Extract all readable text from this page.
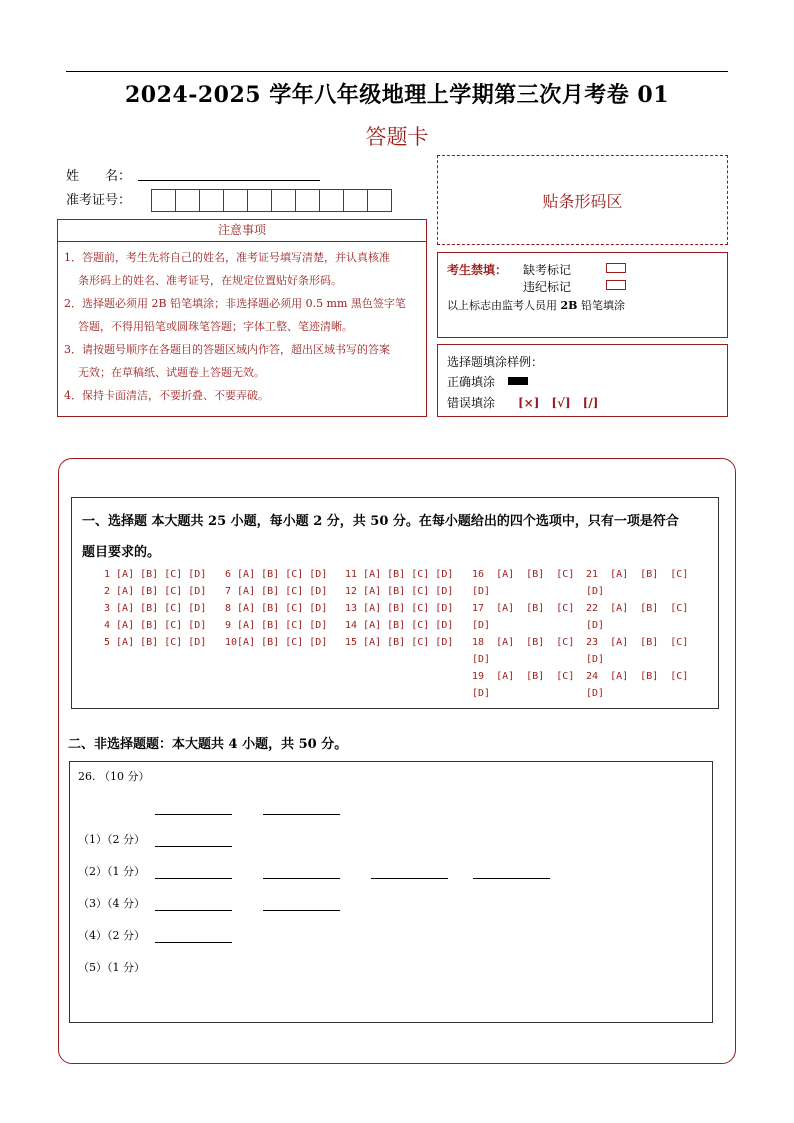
2024-2025 学年八年级地理上学期第三次月考卷 01
答题卡
姓　　名：
准考证号：	贴条形码区
注意事项

1．答题前，考生先将自己的姓名，准考证号填写清楚，并认真核准

条形码上的姓名、准考证号，在规定位置贴好条形码。

2．选择题必须用 2B 铅笔填涂；非选择题必须用 0.5 mm 黑色签字笔

答题，不得用铅笔或圆珠笔答题；字体工整、笔迹清晰。

3．请按题号顺序在各题目的答题区域内作答，超出区域书写的答案

无效；在草稿纸、试题卷上答题无效。

4．保持卡面清洁，不要折叠、不要弄破。

考生禁填： 缺考标记
违纪标记
以上标志由监考人员用 2B 铅笔填涂
选择题填涂样例：
正确填涂
错误填涂 [×]　[√]　[/]
一、选择题 本大题共 25 小题，每小题 2 分，共 50 分。在每小题给出的四个选项中，只有一项是符合
题目要求的。
1 [A] [B] [C] [D]
2 [A] [B] [C] [D]
3 [A] [B] [C] [D]
4 [A] [B] [C] [D]
5 [A] [B] [C] [D]
6 [A] [B] [C] [D]
7 [A] [B] [C] [D]
8 [A] [B] [C] [D]
9 [A] [B] [C] [D]
10[A] [B] [C] [D]
11 [A] [B] [C] [D]
12 [A] [B] [C] [D]
13 [A] [B] [C] [D]
14 [A] [B] [C] [D]
15 [A] [B] [C] [D]
16  [A]  [B]  [C]
[D]
17  [A]  [B]  [C]
[D]
18  [A]  [B]  [C]
[D]
19  [A]  [B]  [C]
[D]
21  [A]  [B]  [C]
[D]
22  [A]  [B]  [C]
[D]
23  [A]  [B]  [C]
[D]
24  [A]  [B]  [C]
[D]
二、非选择题题：本大题共 4 小题，共 50 分。
26. （10 分）
（1）（2 分）
（2）（1 分）
（3）（4 分）
（4）（2 分）
（5）（1 分）
